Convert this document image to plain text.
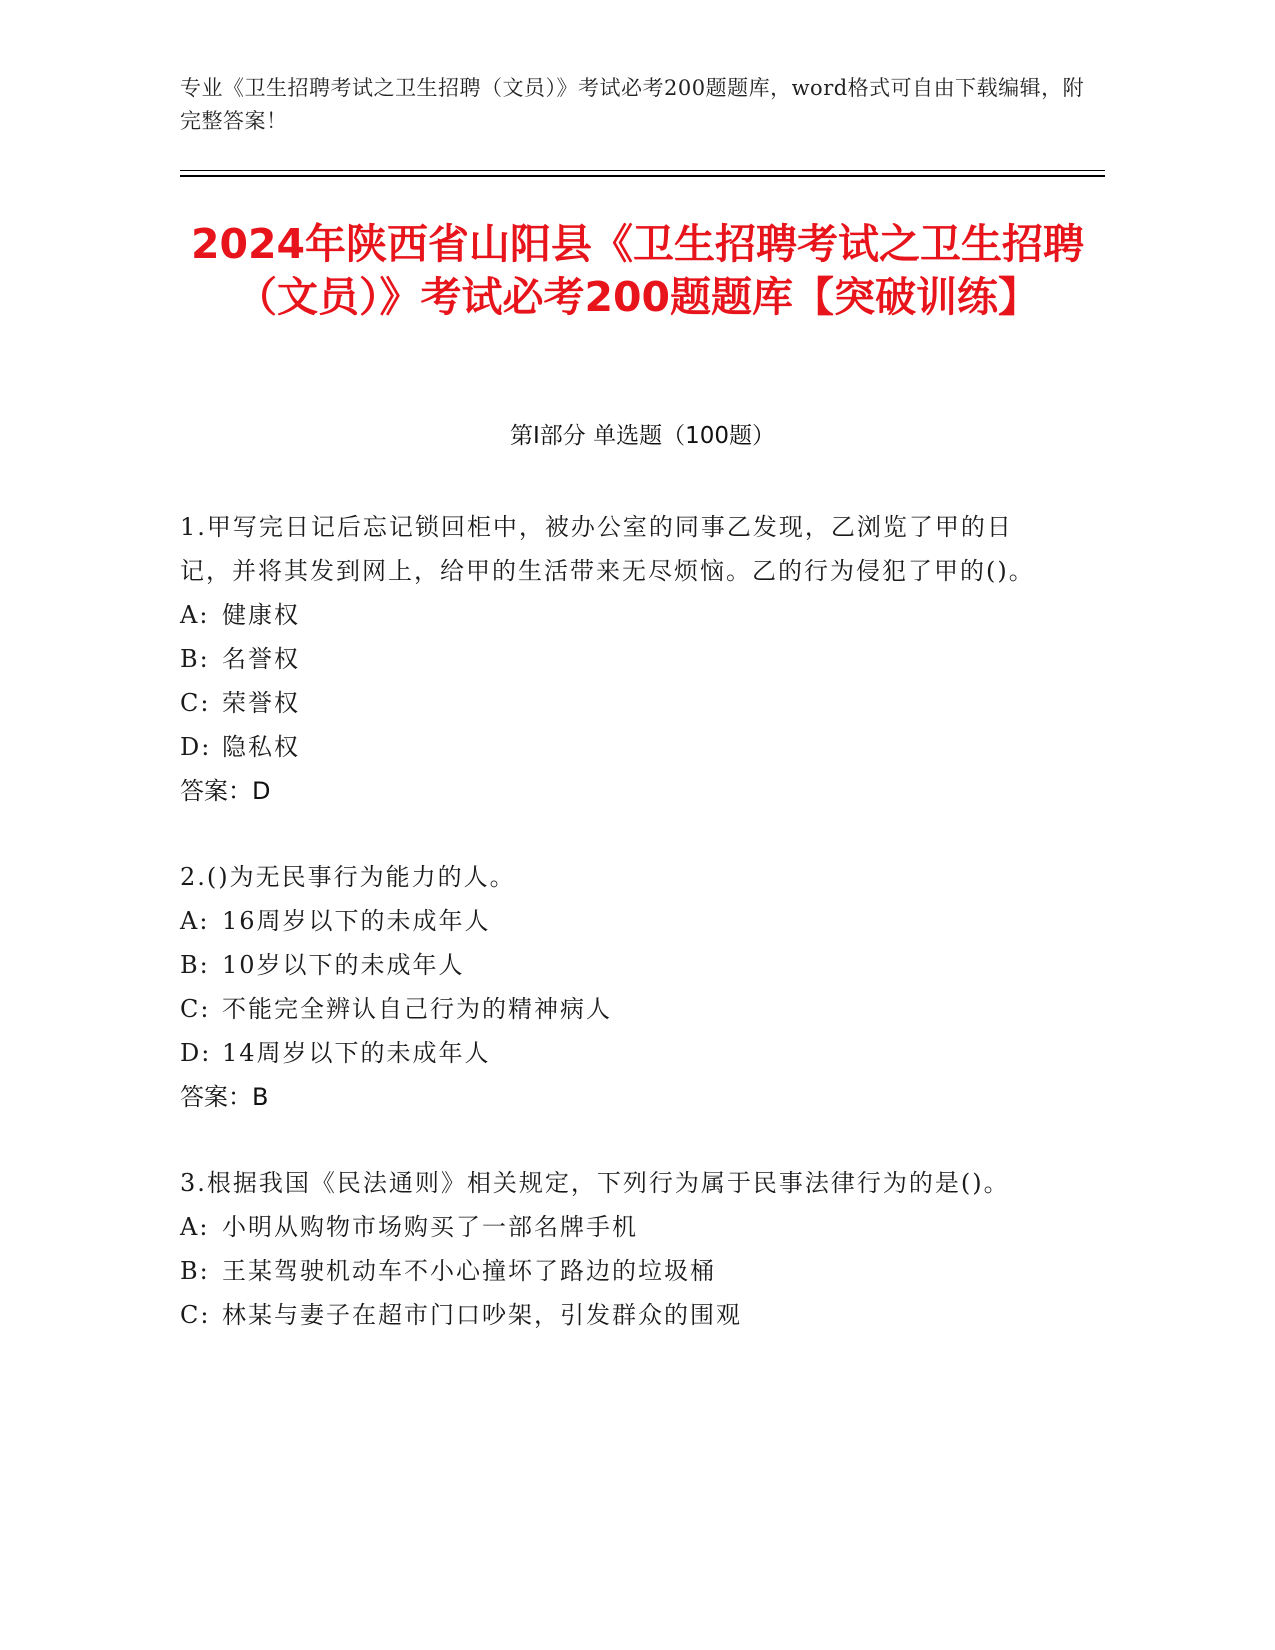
专业《卫生招聘考试之卫生招聘（文员）》考试必考200题题库，word格式可自由下载编辑，附完整答案！
2024年陕西省山阳县《卫生招聘考试之卫生招聘（文员）》考试必考200题题库【突破训练】
第I部分 单选题（100题）
1.甲写完日记后忘记锁回柜中，被办公室的同事乙发现，乙浏览了甲的日记，并将其发到网上，给甲的生活带来无尽烦恼。乙的行为侵犯了甲的()。
A: 健康权
B: 名誉权
C: 荣誉权
D: 隐私权
答案：D
2.()为无民事行为能力的人。
A: 16周岁以下的未成年人
B: 10岁以下的未成年人
C: 不能完全辨认自己行为的精神病人
D: 14周岁以下的未成年人
答案：B
3.根据我国《民法通则》相关规定，下列行为属于民事法律行为的是()。
A: 小明从购物市场购买了一部名牌手机
B: 王某驾驶机动车不小心撞坏了路边的垃圾桶
C: 林某与妻子在超市门口吵架，引发群众的围观
